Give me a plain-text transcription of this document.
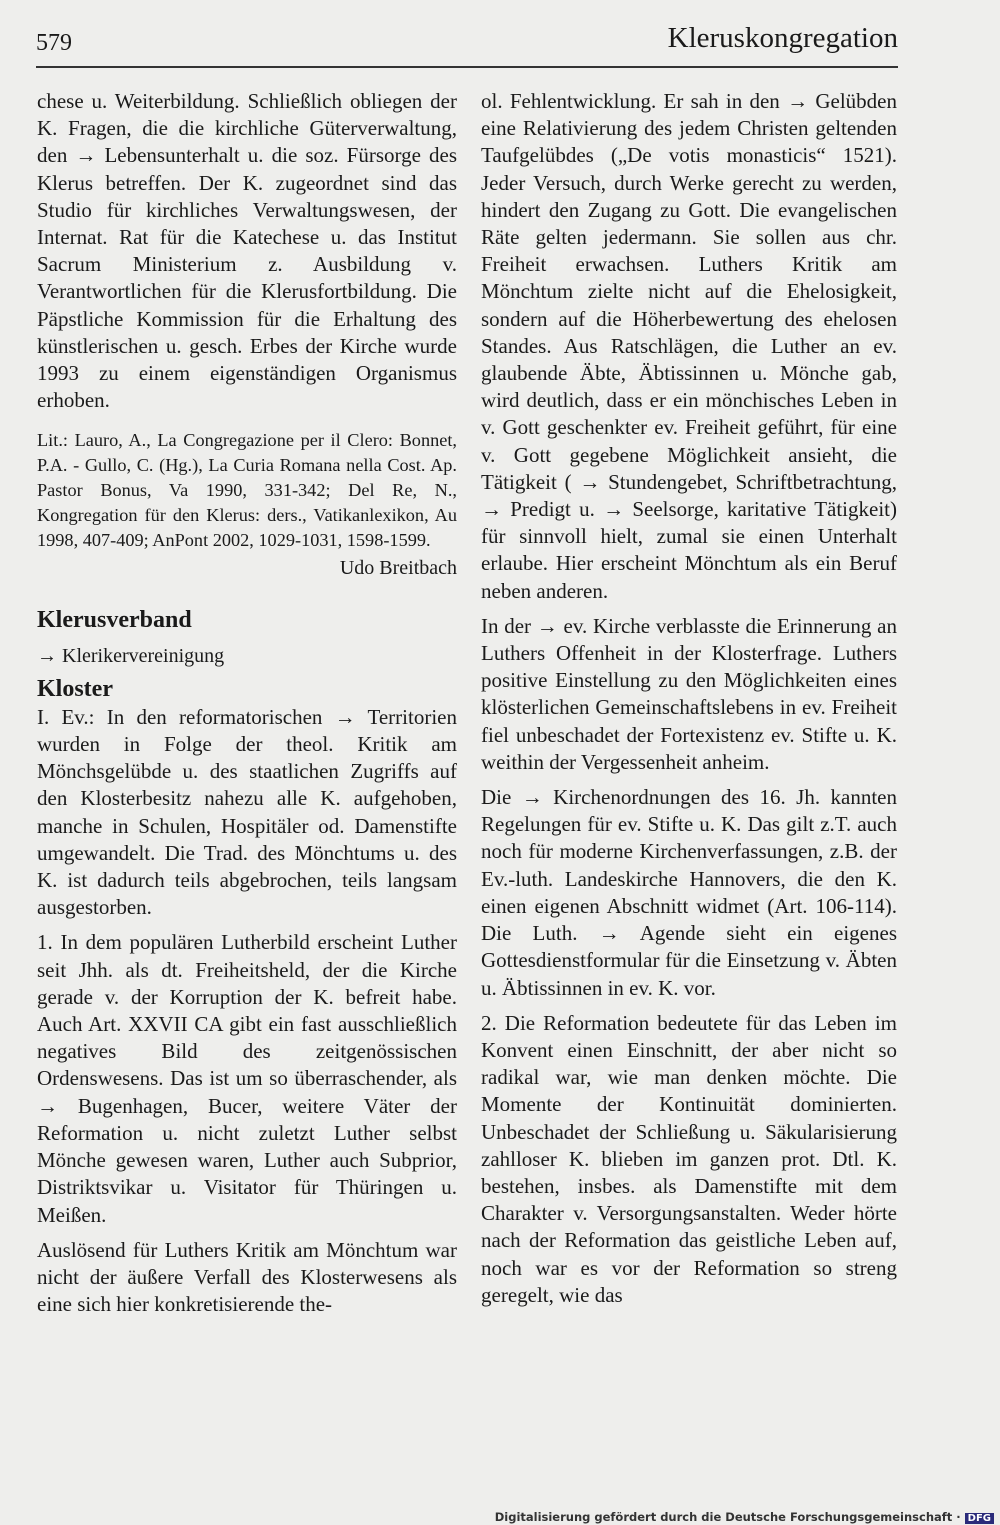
579	Kleruskongregation

chese u. Weiterbildung. Schließlich obliegen der K. Fragen, die die kirchliche Güterverwaltung, den → Lebensunterhalt u. die soz. Fürsorge des Klerus betreffen. Der K. zugeordnet sind das Studio für kirchliches Verwaltungswesen, der Internat. Rat für die Katechese u. das Institut Sacrum Ministerium z. Ausbildung v. Verantwortlichen für die Klerusfortbildung. Die Päpstliche Kommission für die Erhaltung des künstlerischen u. gesch. Erbes der Kirche wurde 1993 zu einem eigenständigen Organismus erhoben.

Lit.: Lauro, A., La Congregazione per il Clero: Bonnet, P.A. - Gullo, C. (Hg.), La Curia Romana nella Cost. Ap. Pastor Bonus, Va 1990, 331-342; Del Re, N., Kongregation für den Klerus: ders., Vatikanlexikon, Au 1998, 407-409; AnPont 2002, 1029-1031, 1598-1599.

Udo Breitbach
Klerusverband
→ Klerikervereinigung
Kloster

I. Ev.: In den reformatorischen → Territorien wurden in Folge der theol. Kritik am Mönchsgelübde u. des staatlichen Zugriffs auf den Klosterbesitz nahezu alle K. aufgehoben, manche in Schulen, Hospitäler od. Damenstifte umgewandelt. Die Trad. des Mönchtums u. des K. ist dadurch teils abgebrochen, teils langsam ausgestorben.

1. In dem populären Lutherbild erscheint Luther seit Jhh. als dt. Freiheitsheld, der die Kirche gerade v. der Korruption der K. befreit habe. Auch Art. XXVII CA gibt ein fast ausschließlich negatives Bild des zeitgenössischen Ordenswesens. Das ist um so überraschender, als → Bugenhagen, Bucer, weitere Väter der Reformation u. nicht zuletzt Luther selbst Mönche gewesen waren, Luther auch Subprior, Distriktsvikar u. Visitator für Thüringen u. Meißen.

Auslösend für Luthers Kritik am Mönchtum war nicht der äußere Verfall des Klosterwesens als eine sich hier konkretisierende the-

ol. Fehlentwicklung. Er sah in den → Gelübden eine Relativierung des jedem Christen geltenden Taufgelübdes („De votis monasticis“ 1521). Jeder Versuch, durch Werke gerecht zu werden, hindert den Zugang zu Gott. Die evangelischen Räte gelten jedermann. Sie sollen aus chr. Freiheit erwachsen. Luthers Kritik am Mönchtum zielte nicht auf die Ehelosigkeit, sondern auf die Höherbewertung des ehelosen Standes. Aus Ratschlägen, die Luther an ev. glaubende Äbte, Äbtissinnen u. Mönche gab, wird deutlich, dass er ein mönchisches Leben in v. Gott geschenkter ev. Freiheit geführt, für eine v. Gott gegebene Möglichkeit ansieht, die Tätigkeit ( → Stundengebet, Schriftbetrachtung, → Predigt u. → Seelsorge, karitative Tätigkeit) für sinnvoll hielt, zumal sie einen Unterhalt erlaube. Hier erscheint Mönchtum als ein Beruf neben anderen.

In der → ev. Kirche verblasste die Erinnerung an Luthers Offenheit in der Klosterfrage. Luthers positive Einstellung zu den Möglichkeiten eines klösterlichen Gemeinschaftslebens in ev. Freiheit fiel unbeschadet der Fortexistenz ev. Stifte u. K. weithin der Vergessenheit anheim.

Die → Kirchenordnungen des 16. Jh. kannten Regelungen für ev. Stifte u. K. Das gilt z.T. auch noch für moderne Kirchenverfassungen, z.B. der Ev.-luth. Landeskirche Hannovers, die den K. einen eigenen Abschnitt widmet (Art. 106-114). Die Luth. → Agende sieht ein eigenes Gottesdienstformular für die Einsetzung v. Äbten u. Äbtissinnen in ev. K. vor.

2. Die Reformation bedeutete für das Leben im Konvent einen Einschnitt, der aber nicht so radikal war, wie man denken möchte. Die Momente der Kontinuität dominierten. Unbeschadet der Schließung u. Säkularisierung zahlloser K. blieben im ganzen prot. Dtl. K. bestehen, insbes. als Damenstifte mit dem Charakter v. Versorgungsanstalten. Weder hörte nach der Reformation das geistliche Leben auf, noch war es vor der Reformation so streng geregelt, wie das

Digitalisierung gefördert durch die Deutsche Forschungsgemeinschaft · DFG
